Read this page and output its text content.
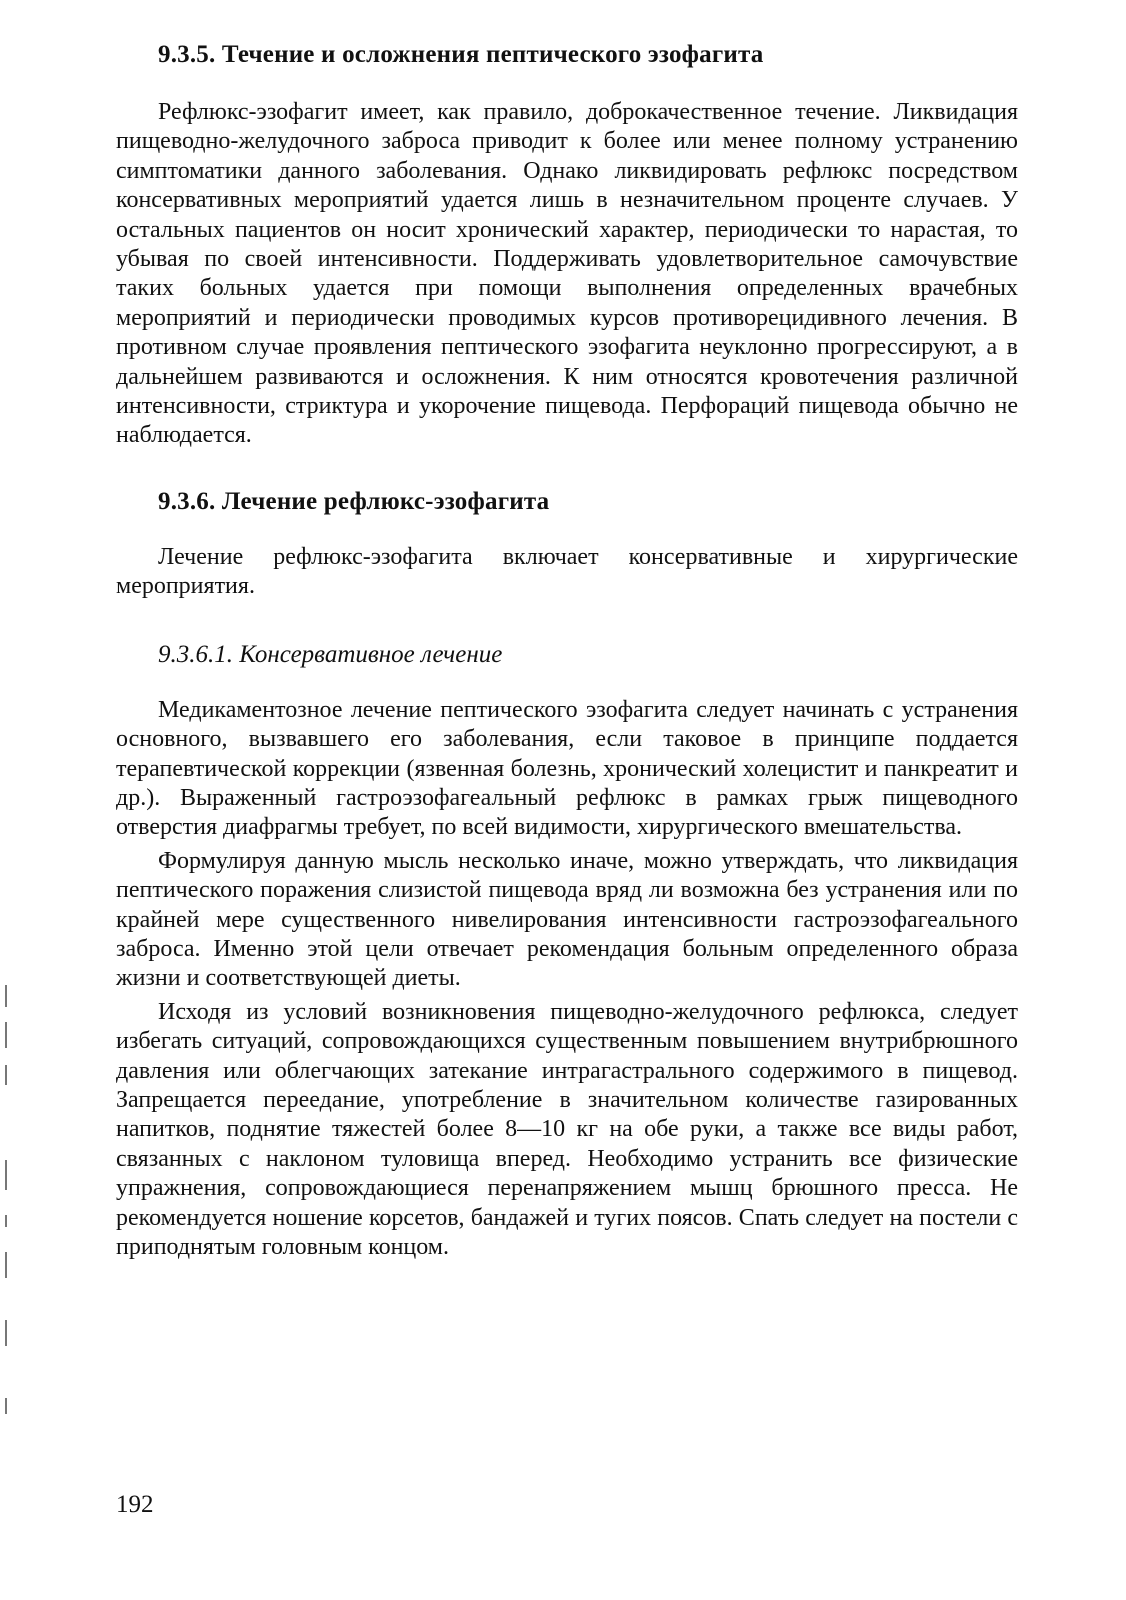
9.3.5. Течение и осложнения пептического эзофагита

Рефлюкс-эзофагит имеет, как правило, доброкачественное течение. Ликвидация пищеводно-желудочного заброса приводит к более или менее полному устранению симптоматики данного заболевания. Однако ликвидировать рефлюкс посредством консервативных мероприятий удается лишь в незначительном проценте случаев. У остальных пациентов он носит хронический характер, периодически то нарастая, то убывая по своей интенсивности. Поддерживать удовлетворительное самочувствие таких больных удается при помощи выполнения определенных врачебных мероприятий и периодически проводимых курсов противорецидивного лечения. В противном случае проявления пептического эзофагита неуклонно прогрессируют, а в дальнейшем развиваются и осложнения. К ним относятся кровотечения различной интенсивности, стриктура и укорочение пищевода. Перфораций пищевода обычно не наблюдается.

9.3.6. Лечение рефлюкс-эзофагита

Лечение рефлюкс-эзофагита включает консервативные и хирургические мероприятия.

9.3.6.1. Консервативное лечение

Медикаментозное лечение пептического эзофагита следует начинать с устранения основного, вызвавшего его заболевания, если таковое в принципе поддается терапевтической коррекции (язвенная болезнь, хронический холецистит и панкреатит и др.). Выраженный гастроэзофагеальный рефлюкс в рамках грыж пищеводного отверстия диафрагмы требует, по всей видимости, хирургического вмешательства.

Формулируя данную мысль несколько иначе, можно утверждать, что ликвидация пептического поражения слизистой пищевода вряд ли возможна без устранения или по крайней мере существенного нивелирования интенсивности гастроэзофагеального заброса. Именно этой цели отвечает рекомендация больным определенного образа жизни и соответствующей диеты.

Исходя из условий возникновения пищеводно-желудочного рефлюкса, следует избегать ситуаций, сопровождающихся существенным повышением внутрибрюшного давления или облегчающих затекание интрагастрального содержимого в пищевод. Запрещается переедание, употребление в значительном количестве газированных напитков, поднятие тяжестей более 8—10 кг на обе руки, а также все виды работ, связанных с наклоном туловища вперед. Необходимо устранить все физические упражнения, сопровождающиеся перенапряжением мышц брюшного пресса. Не рекомендуется ношение корсетов, бандажей и тугих поясов. Спать следует на постели с приподнятым головным концом.

192
